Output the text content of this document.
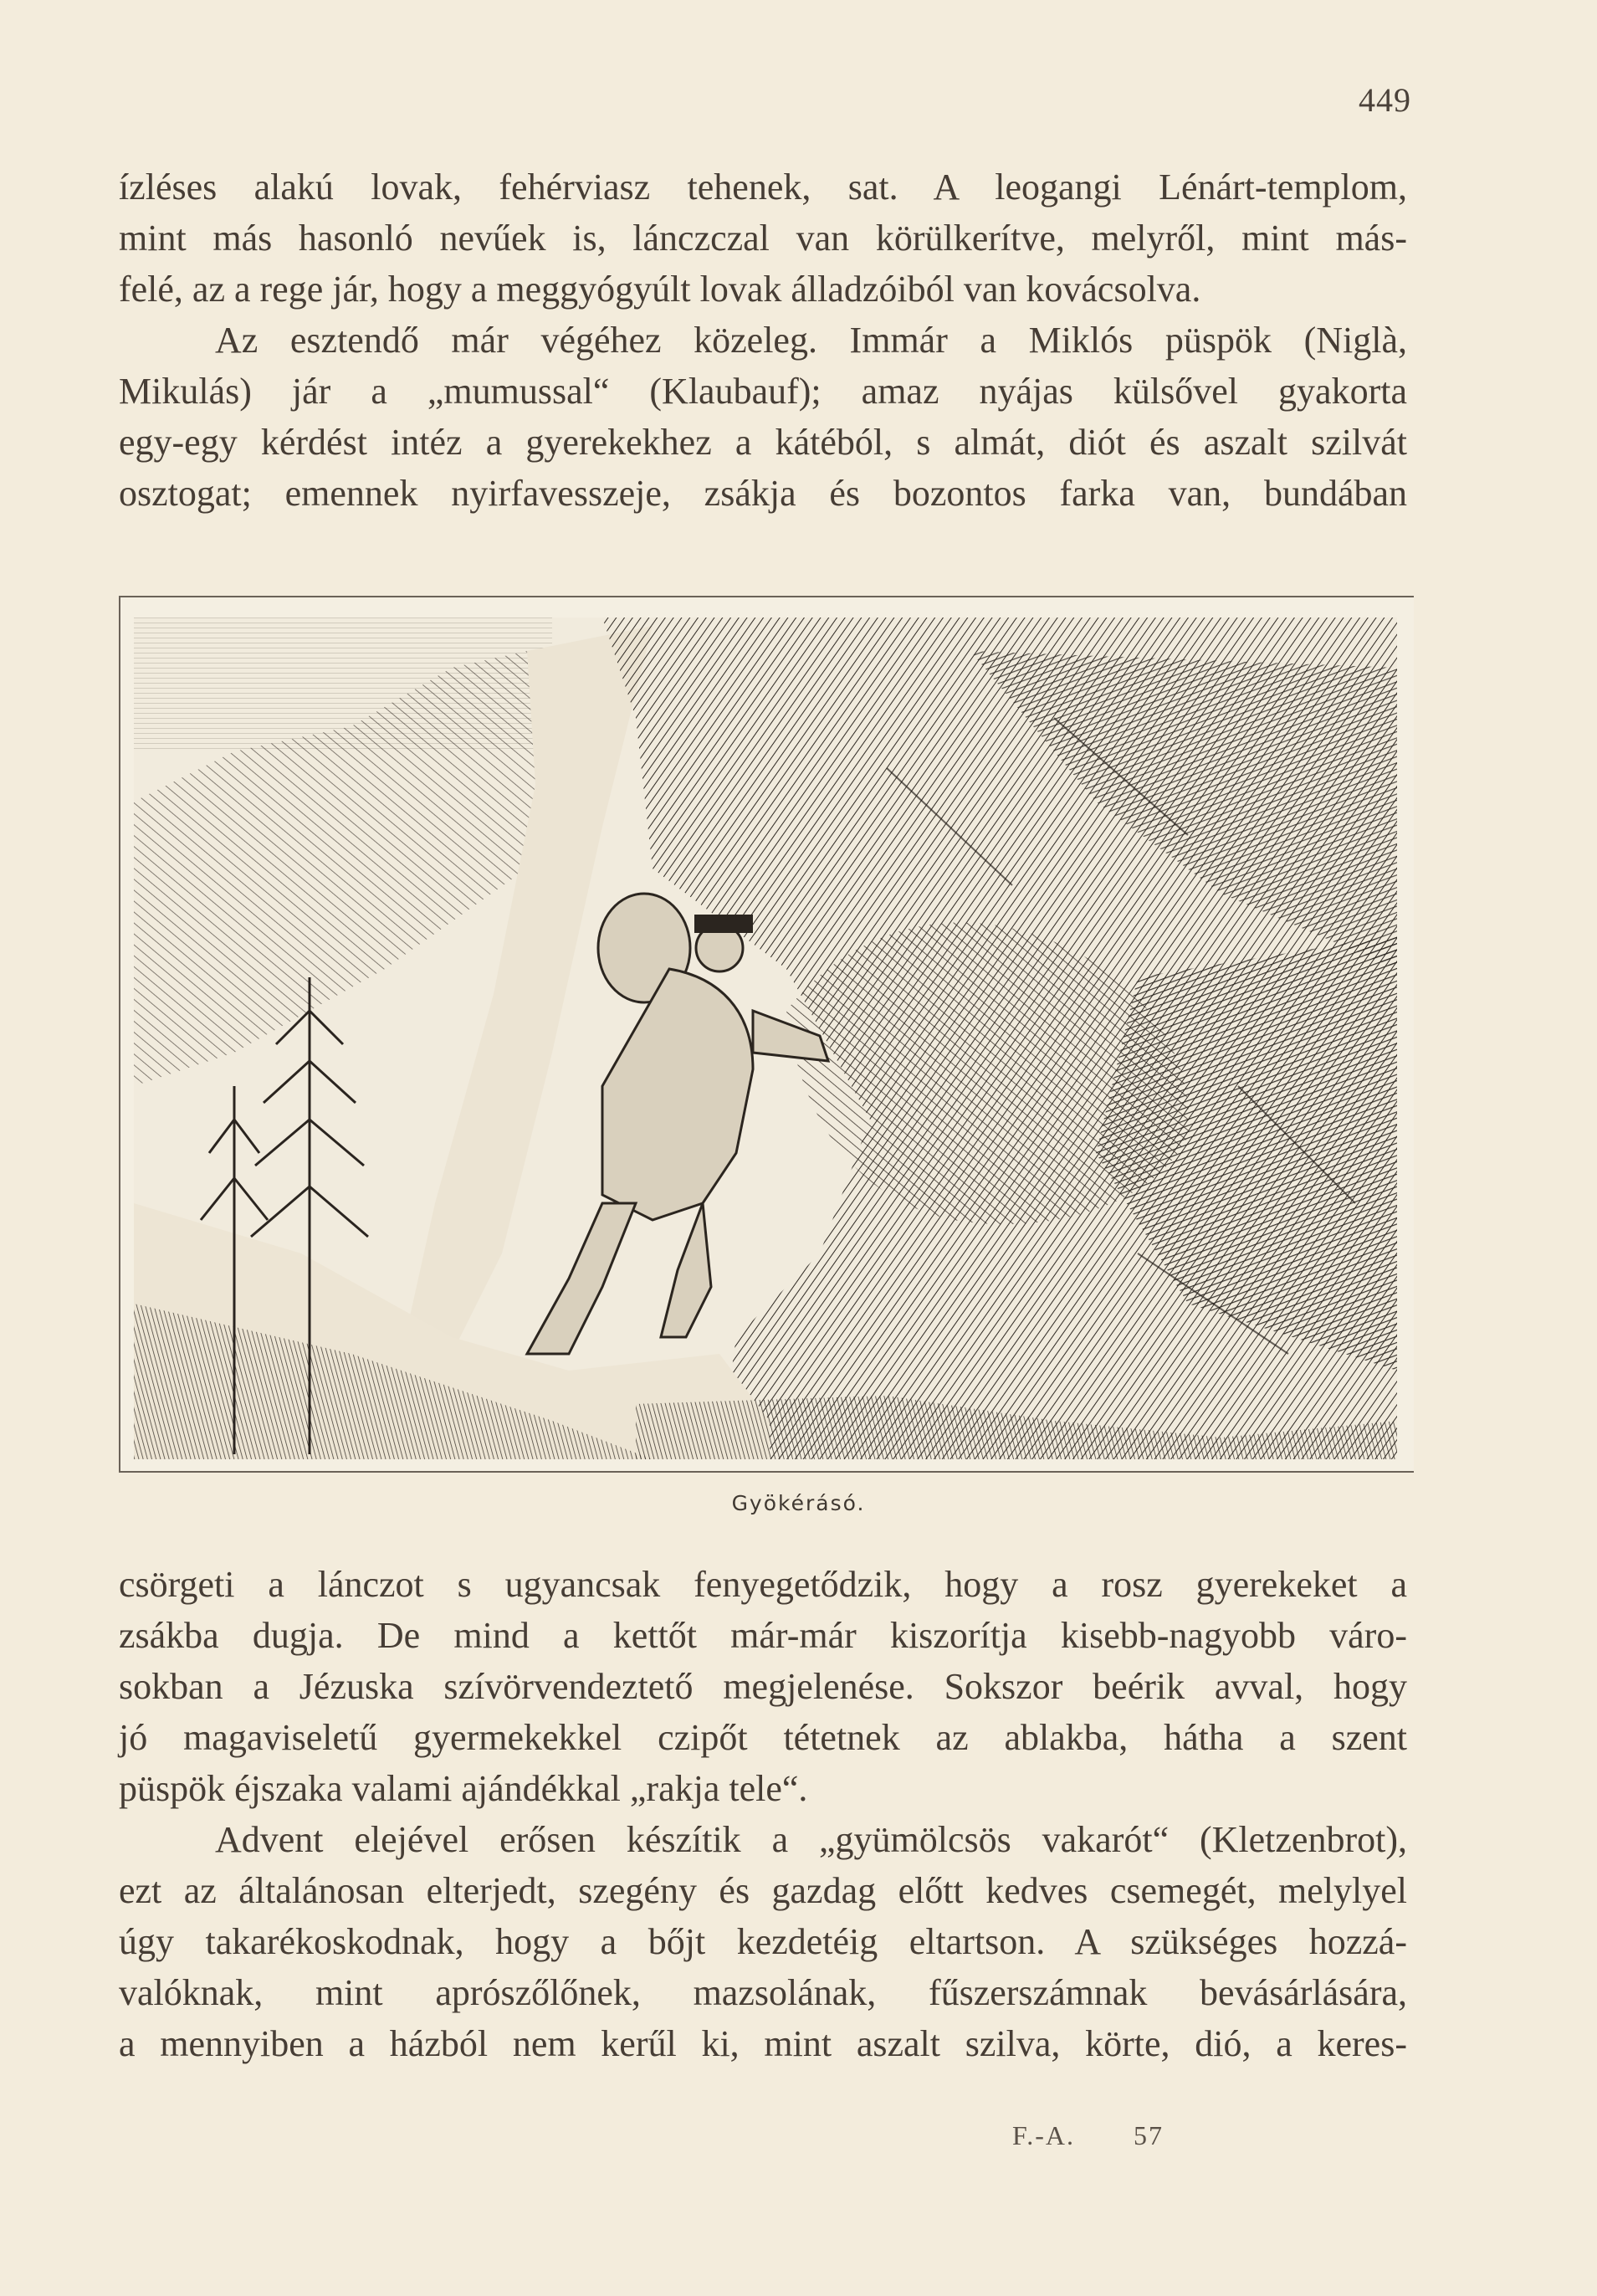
449

ízléses alakú lovak, fehérviasz tehenek, sat. A leogangi Lénárt-templom,

mint más hasonló nevűek is, lánczczal van körülkerítve, melyről, mint más-

felé, az a rege jár, hogy a meggyógyúlt lovak álladzóiból van kovácsolva.

Az esztendő már végéhez közeleg. Immár a Miklós püspök (Niglà,

Mikulás) jár a „mumussal“ (Klaubauf); amaz nyájas külsővel gyakorta

egy-egy kérdést intéz a gyerekekhez a kátéból, s almát, diót és aszalt szilvát

osztogat; emennek nyirfavesszeje, zsákja és bozontos farka van, bundában

Gyökérásó.

csörgeti a lánczot s ugyancsak fenyegetődzik, hogy a rosz gyerekeket a

zsákba dugja. De mind a kettőt már-már kiszorítja kisebb-nagyobb váro-

sokban a Jézuska szívörvendeztető megjelenése. Sokszor beérik avval, hogy

jó magaviseletű gyermekekkel czipőt tétetnek az ablakba, hátha a szent

püspök éjszaka valami ajándékkal „rakja tele“.

Advent elejével erősen készítik a „gyümölcsös vakarót“ (Kletzenbrot),

ezt az általánosan elterjedt, szegény és gazdag előtt kedves csemegét, melylyel

úgy takarékoskodnak, hogy a bőjt kezdetéig eltartson. A szükséges hozzá-

valóknak, mint aprószőlőnek, mazsolának, fűszerszámnak bevásárlására,

a mennyiben a házból nem kerűl ki, mint aszalt szilva, körte, dió, a keres-

F.-A. 57
